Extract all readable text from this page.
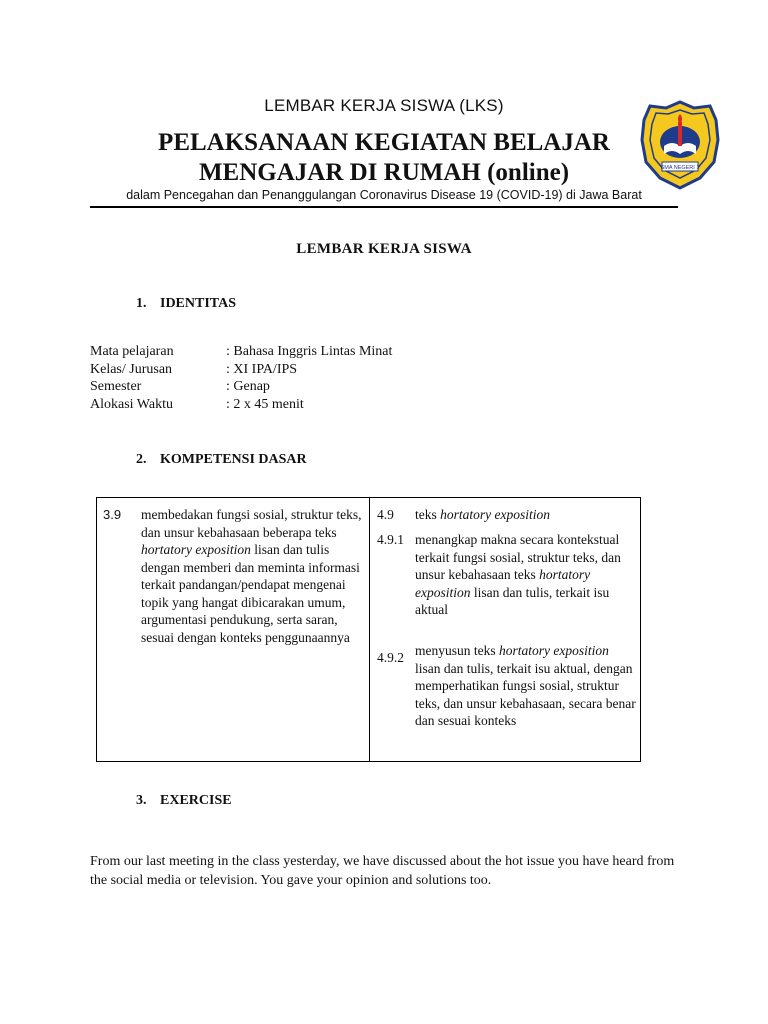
LEMBAR KERJA SISWA (LKS)
PELAKSANAAN KEGIATAN BELAJAR
MENGAJAR DI RUMAH (online)
dalam Pencegahan dan Penanggulangan Coronavirus Disease 19 (COVID-19) di Jawa Barat
SMA NEGERI 1
LEMBAR KERJA SISWA
1. IDENTITAS
Mata pelajaran	: Bahasa Inggris Lintas Minat
Kelas/ Jurusan	: XI IPA/IPS
Semester	: Genap
Alokasi Waktu	: 2 x 45 menit
2. KOMPETENSI DASAR
3.9 membedakan fungsi sosial, struktur teks, dan unsur kebahasaan beberapa teks hortatory exposition lisan dan tulis dengan memberi dan meminta informasi terkait pandangan/pendapat mengenai topik yang hangat dibicarakan umum, argumentasi pendukung, serta saran, sesuai dengan konteks penggunaannya
4.9 teks hortatory exposition
4.9.1 menangkap makna secara kontekstual terkait fungsi sosial, struktur teks, dan unsur kebahasaan teks hortatory exposition lisan dan tulis, terkait isu aktual
4.9.2 menyusun teks hortatory exposition lisan dan tulis, terkait isu aktual, dengan memperhatikan fungsi sosial, struktur teks, dan unsur kebahasaan, secara benar dan sesuai konteks
3. EXERCISE
From our last meeting in the class yesterday, we have discussed about the hot issue you have heard from the social media or television. You gave your opinion and solutions too.
